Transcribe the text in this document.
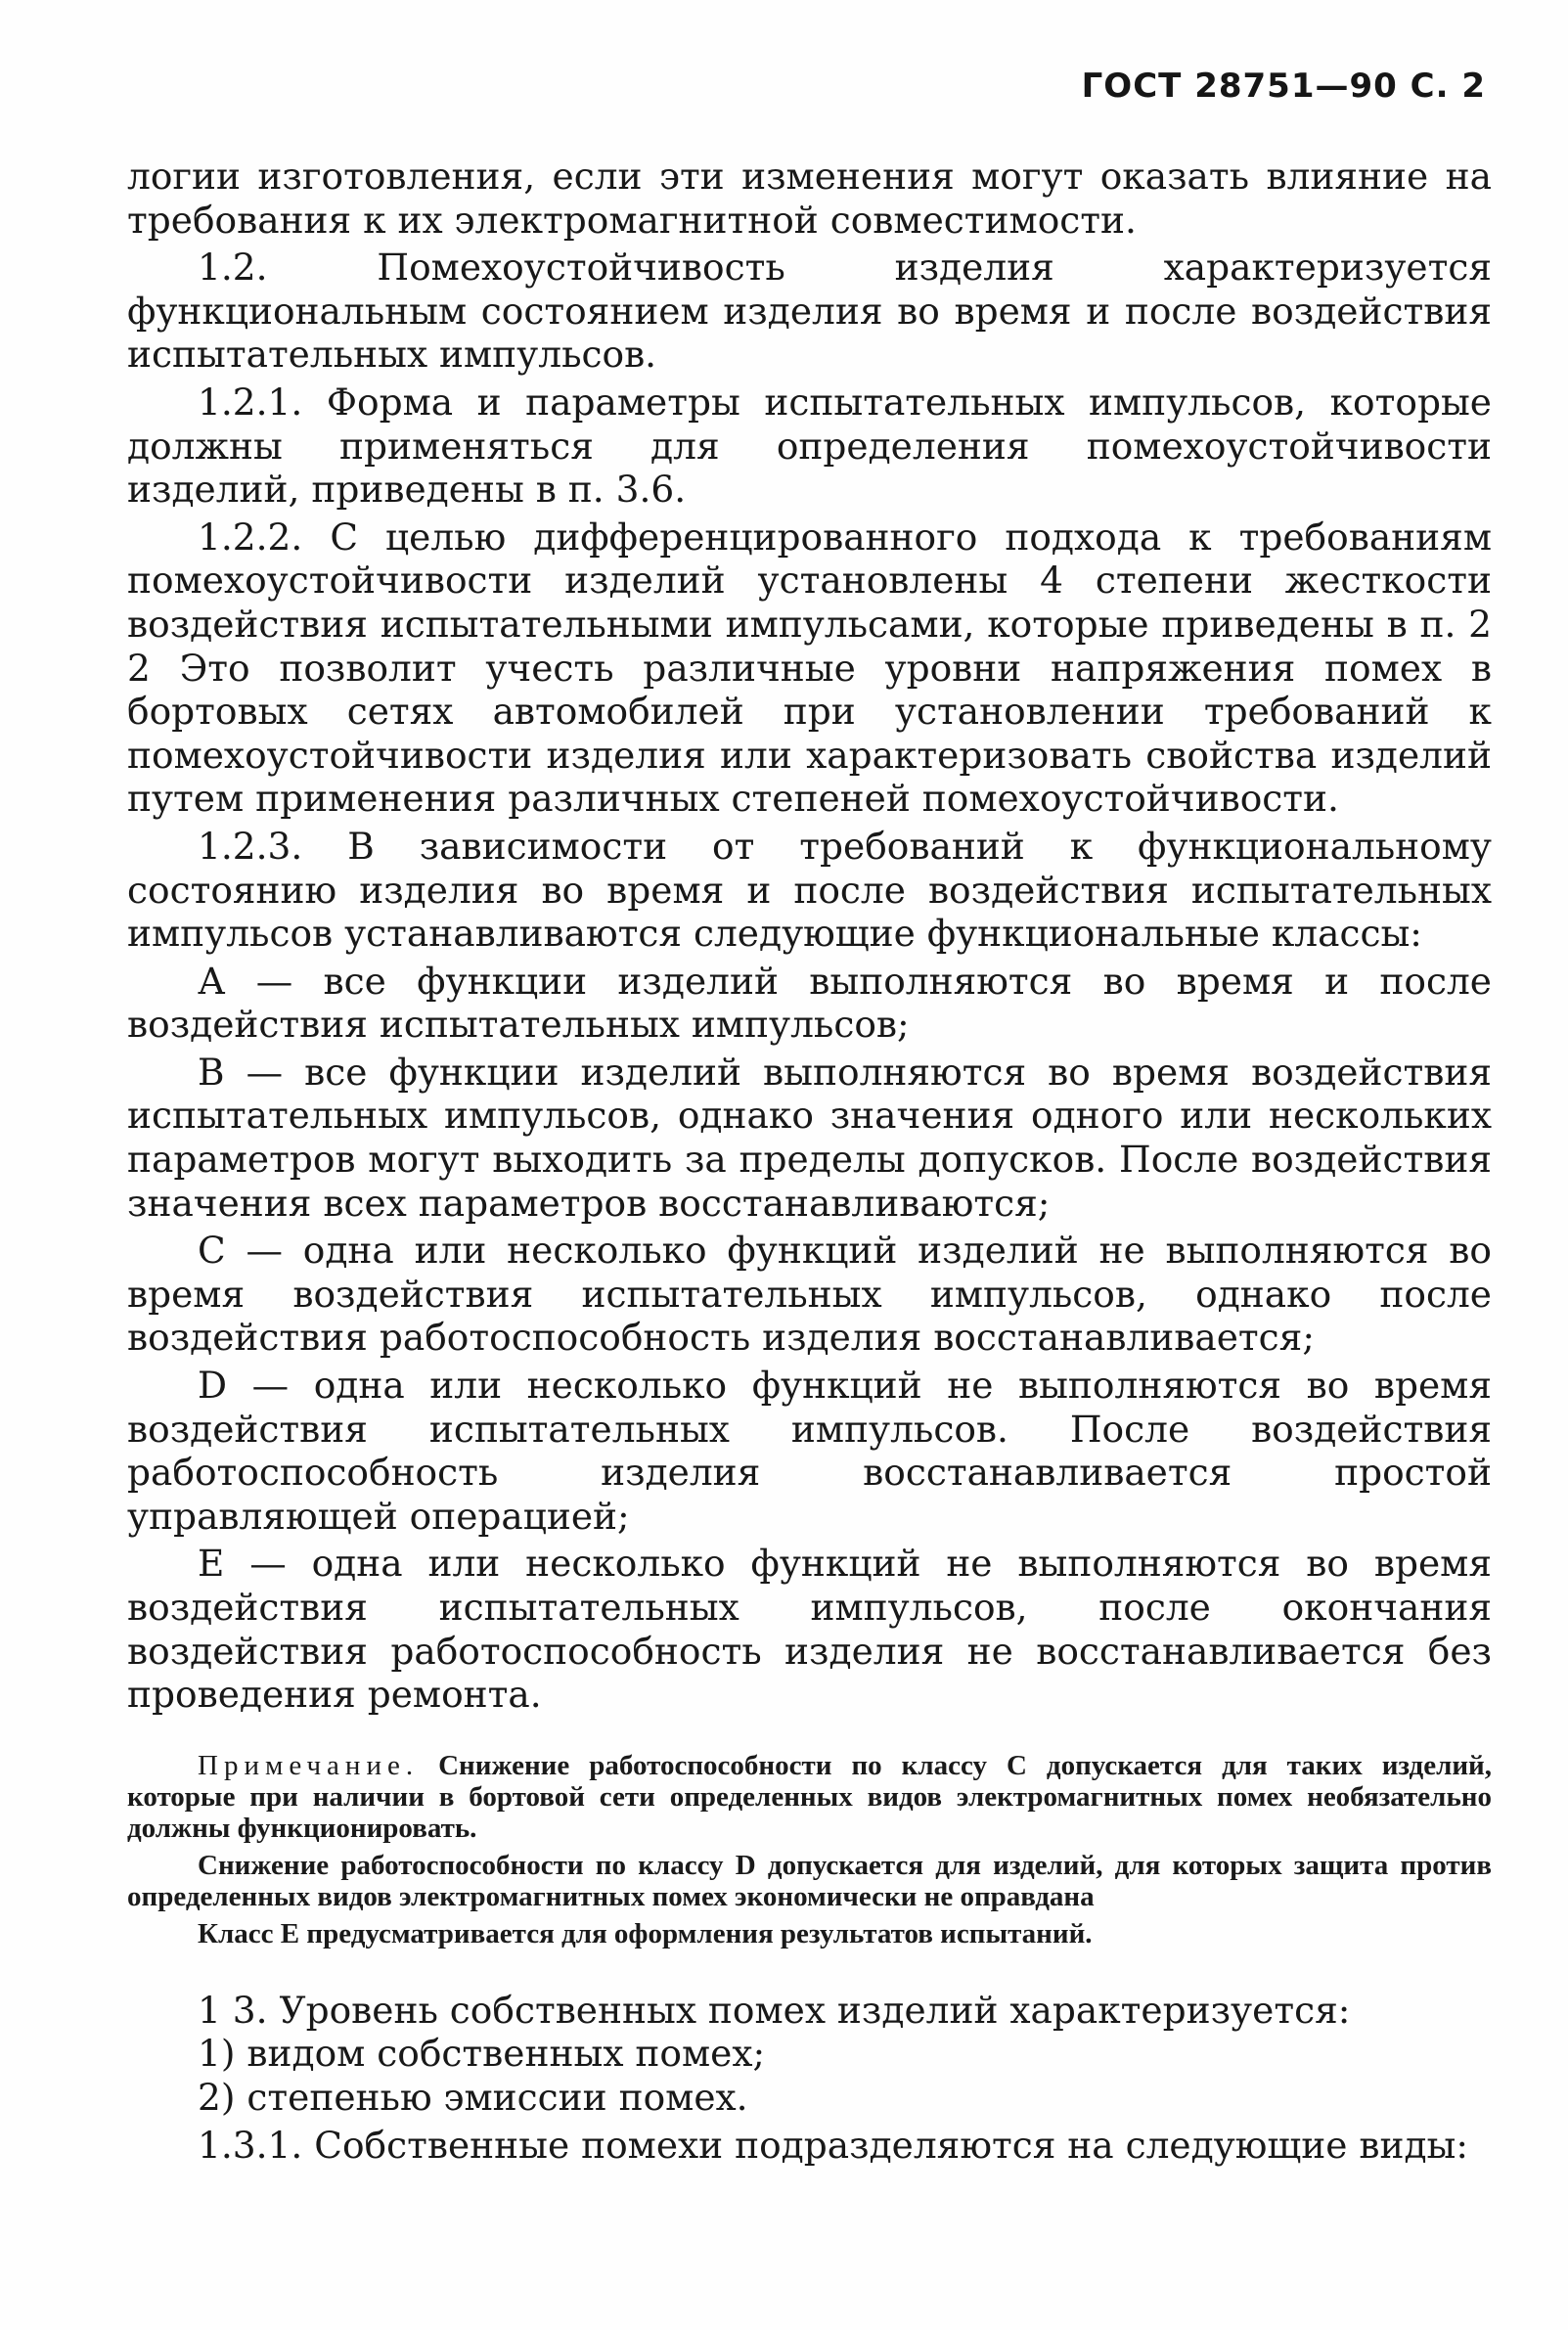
ГОСТ 28751—90 С. 2

логии изготовления, если эти изменения могут оказать влияние на требования к их электромагнитной совместимости.

1.2. Помехоустойчивость изделия характеризуется функциональным состоянием изделия во время и после воздействия испытательных импульсов.

1.2.1. Форма и параметры испытательных импульсов, которые должны применяться для определения помехоустойчивости изделий, приведены в п. 3.6.

1.2.2. С целью дифференцированного подхода к требованиям помехоустойчивости изделий установлены 4 степени жесткости воздействия испытательными импульсами, которые приведены в п. 2 2 Это позволит учесть различные уровни напряжения помех в бортовых сетях автомобилей при установлении требований к помехоустойчивости изделия или характеризовать свойства изделий путем применения различных степеней помехоустойчивости.

1.2.3. В зависимости от требований к функциональному состоянию изделия во время и после воздействия испытательных импульсов устанавливаются следующие функциональные классы:

А — все функции изделий выполняются во время и после воздействия испытательных импульсов;

В — все функции изделий выполняются во время воздействия испытательных импульсов, однако значения одного или нескольких параметров могут выходить за пределы допусков. После воздействия значения всех параметров восстанавливаются;

С — одна или несколько функций изделий не выполняются во время воздействия испытательных импульсов, однако после воздействия работоспособность изделия восстанавливается;

D — одна или несколько функций не выполняются во время воздействия испытательных импульсов. После воздействия работоспособность изделия восстанавливается простой управляющей операцией;

Е — одна или несколько функций не выполняются во время воздействия испытательных импульсов, после окончания воздействия работоспособность изделия не восстанавливается без проведения ремонта.

Примечание. Снижение работоспособности по классу С допускается для таких изделий, которые при наличии в бортовой сети определенных видов электромагнитных помех необязательно должны функционировать.

Снижение работоспособности по классу D допускается для изделий, для которых защита против определенных видов электромагнитных помех экономически не оправдана

Класс Е предусматривается для оформления результатов испытаний.

1 3. Уровень собственных помех изделий характеризуется:

1) видом собственных помех;

2) степенью эмиссии помех.

1.3.1. Собственные помехи подразделяются на следующие виды:
